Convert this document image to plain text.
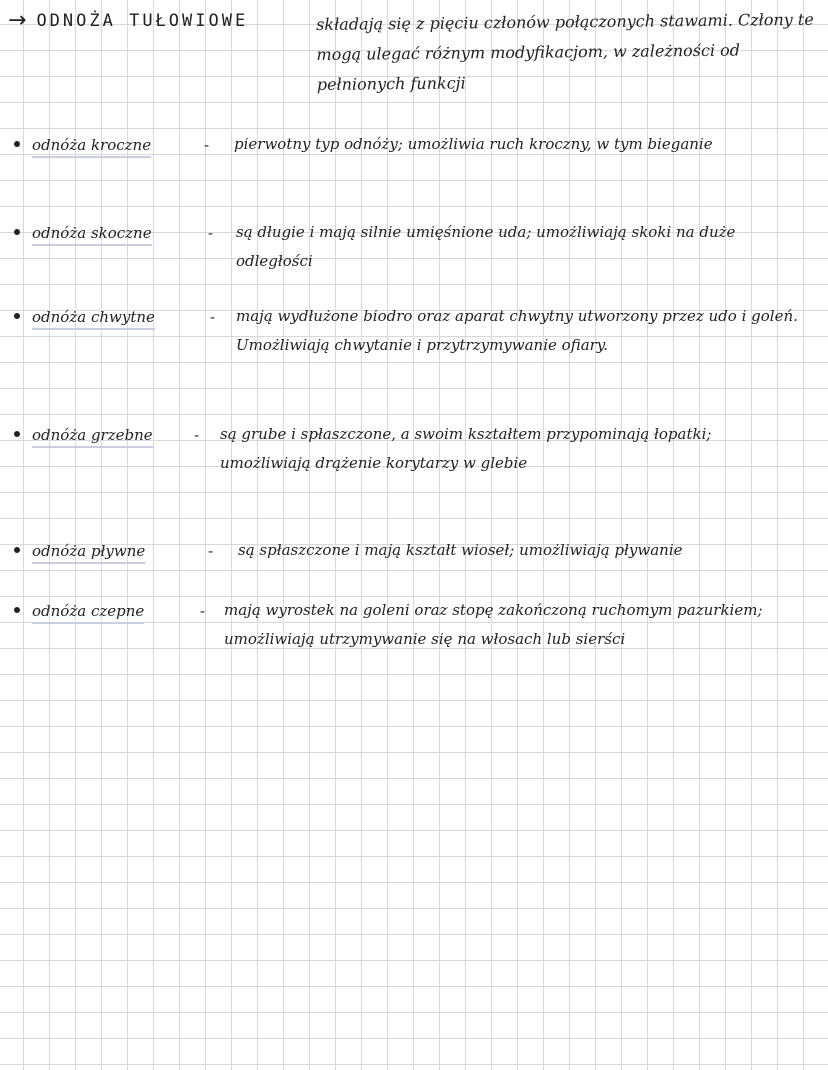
→ ODNOŻA TUŁOWIOWE	składają się z pięciu członów połączonych stawami. Człony te mogą ulegać różnym modyfikacjom, w zależności od pełnionych funkcji
odnóża kroczne	- pierwotny typ odnóży; umożliwia ruch kroczny, w tym bieganie
odnóża skoczne	- są długie i mają silnie umięśnione uda; umożliwiają skoki na duże odległości
odnóża chwytne	- mają wydłużone biodro oraz aparat chwytny utworzony przez udo i goleń. Umożliwiają chwytanie i przytrzymywanie ofiary.
odnóża grzebne	- są grube i spłaszczone, a swoim kształtem przypominają łopatki; umożliwiają drążenie korytarzy w glebie
odnóża pływne	- są spłaszczone i mają kształt wioseł; umożliwiają pływanie
odnóża czepne	- mają wyrostek na goleni oraz stopę zakończoną ruchomym pazurkiem; umożliwiają utrzymywanie się na włosach lub sierści
